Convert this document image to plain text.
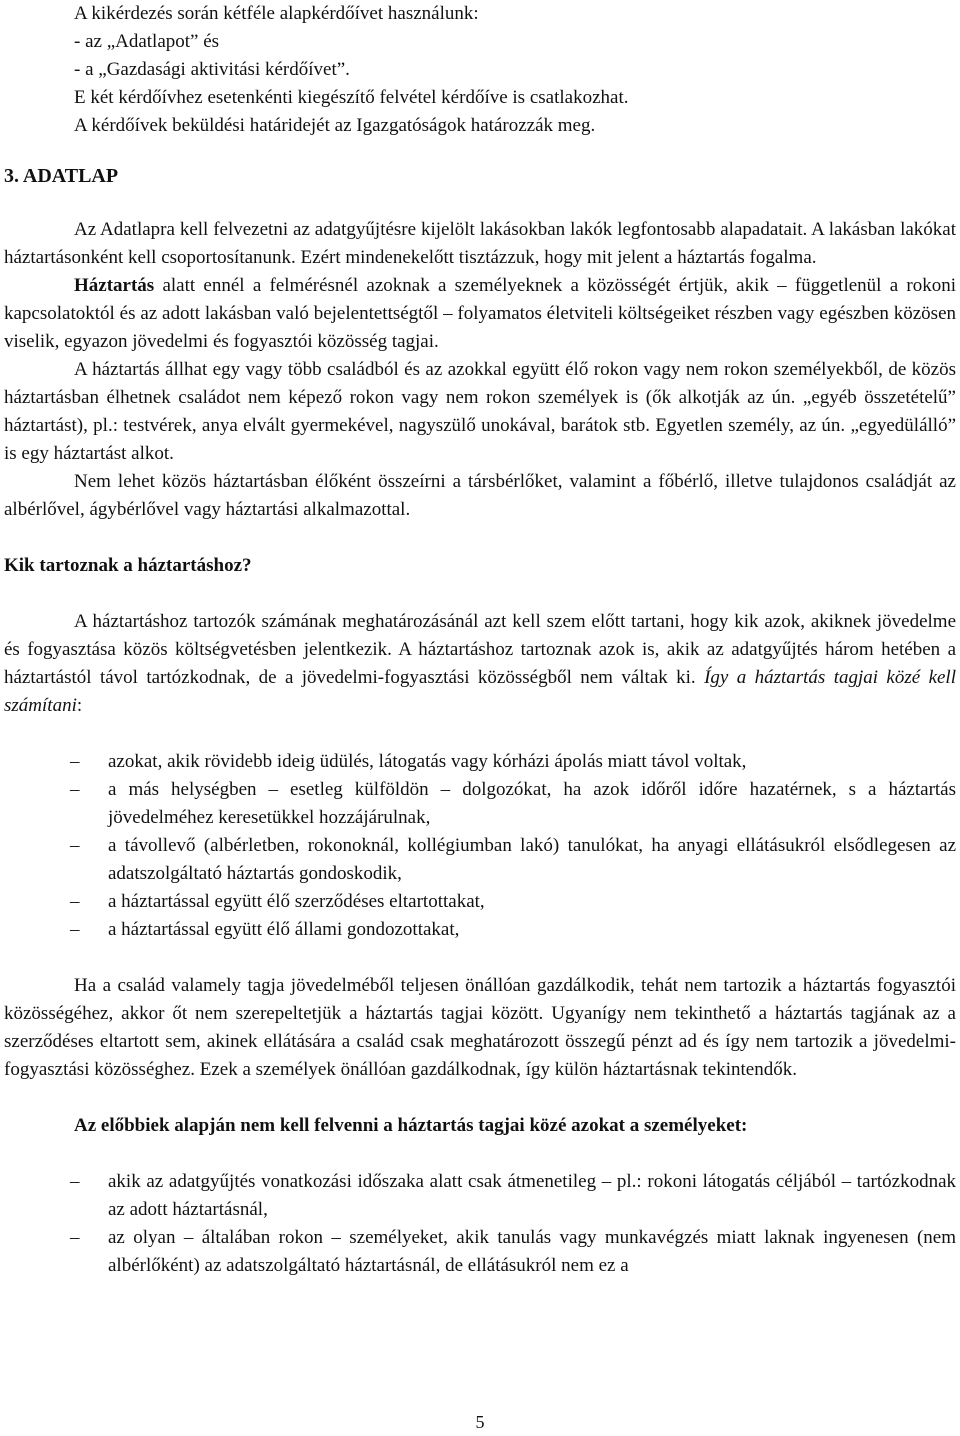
A kikérdezés során kétféle alapkérdőívet használunk:

- az „Adatlapot” és

- a „Gazdasági aktivitási kérdőívet”.

E két kérdőívhez esetenkénti kiegészítő felvétel kérdőíve is csatlakozhat.

A kérdőívek beküldési határidejét az Igazgatóságok határozzák meg.

3. ADATLAP

Az Adatlapra kell felvezetni az adatgyűjtésre kijelölt lakásokban lakók legfontosabb alapadatait. A lakásban lakókat háztartásonként kell csoportosítanunk. Ezért mindenekelőtt tisztázzuk, hogy mit jelent a háztartás fogalma.

Háztartás alatt ennél a felmérésnél azoknak a személyeknek a közösségét értjük, akik – függetlenül a rokoni kapcsolatoktól és az adott lakásban való bejelentettségtől – folyamatos életviteli költségeiket részben vagy egészben közösen viselik, egyazon jövedelmi és fogyasztói közösség tagjai.

A háztartás állhat egy vagy több családból és az azokkal együtt élő rokon vagy nem rokon személyekből, de közös háztartásban élhetnek családot nem képező rokon vagy nem rokon személyek is (ők alkotják az ún. „egyéb összetételű” háztartást), pl.: testvérek, anya elvált gyermekével, nagyszülő unokával, barátok stb. Egyetlen személy, az ún. „egyedülálló” is egy háztartást alkot.

Nem lehet közös háztartásban élőként összeírni a társbérlőket, valamint a főbérlő, illetve tulajdonos családját az albérlővel, ágybérlővel vagy háztartási alkalmazottal.

Kik tartoznak a háztartáshoz?

A háztartáshoz tartozók számának meghatározásánál azt kell szem előtt tartani, hogy kik azok, akiknek jövedelme és fogyasztása közös költségvetésben jelentkezik. A háztartáshoz tartoznak azok is, akik az adatgyűjtés három hetében a háztartástól távol tartózkodnak, de a jövedelmi-fogyasztási közösségből nem váltak ki. Így a háztartás tagjai közé kell számítani:

– azokat, akik rövidebb ideig üdülés, látogatás vagy kórházi ápolás miatt távol voltak,
– a más helységben – esetleg külföldön – dolgozókat, ha azok időről időre hazatérnek, s a háztartás jövedelméhez keresetükkel hozzájárulnak,
– a távollevő (albérletben, rokonoknál, kollégiumban lakó) tanulókat, ha anyagi ellátásukról elsődlegesen az adatszolgáltató háztartás gondoskodik,
– a háztartással együtt élő szerződéses eltartottakat,
– a háztartással együtt élő állami gondozottakat,

Ha a család valamely tagja jövedelméből teljesen önállóan gazdálkodik, tehát nem tartozik a háztartás fogyasztói közösségéhez, akkor őt nem szerepeltetjük a háztartás tagjai között. Ugyanígy nem tekinthető a háztartás tagjának az a szerződéses eltartott sem, akinek ellátására a család csak meghatározott összegű pénzt ad és így nem tartozik a jövedelmi-fogyasztási közösséghez. Ezek a személyek önállóan gazdálkodnak, így külön háztartásnak tekintendők.

Az előbbiek alapján nem kell felvenni a háztartás tagjai közé azokat a személyeket:

– akik az adatgyűjtés vonatkozási időszaka alatt csak átmenetileg – pl.: rokoni látogatás céljából – tartózkodnak az adott háztartásnál,
– az olyan – általában rokon – személyeket, akik tanulás vagy munkavégzés miatt laknak ingyenesen (nem albérlőként) az adatszolgáltató háztartásnál, de ellátásukról nem ez a
5
